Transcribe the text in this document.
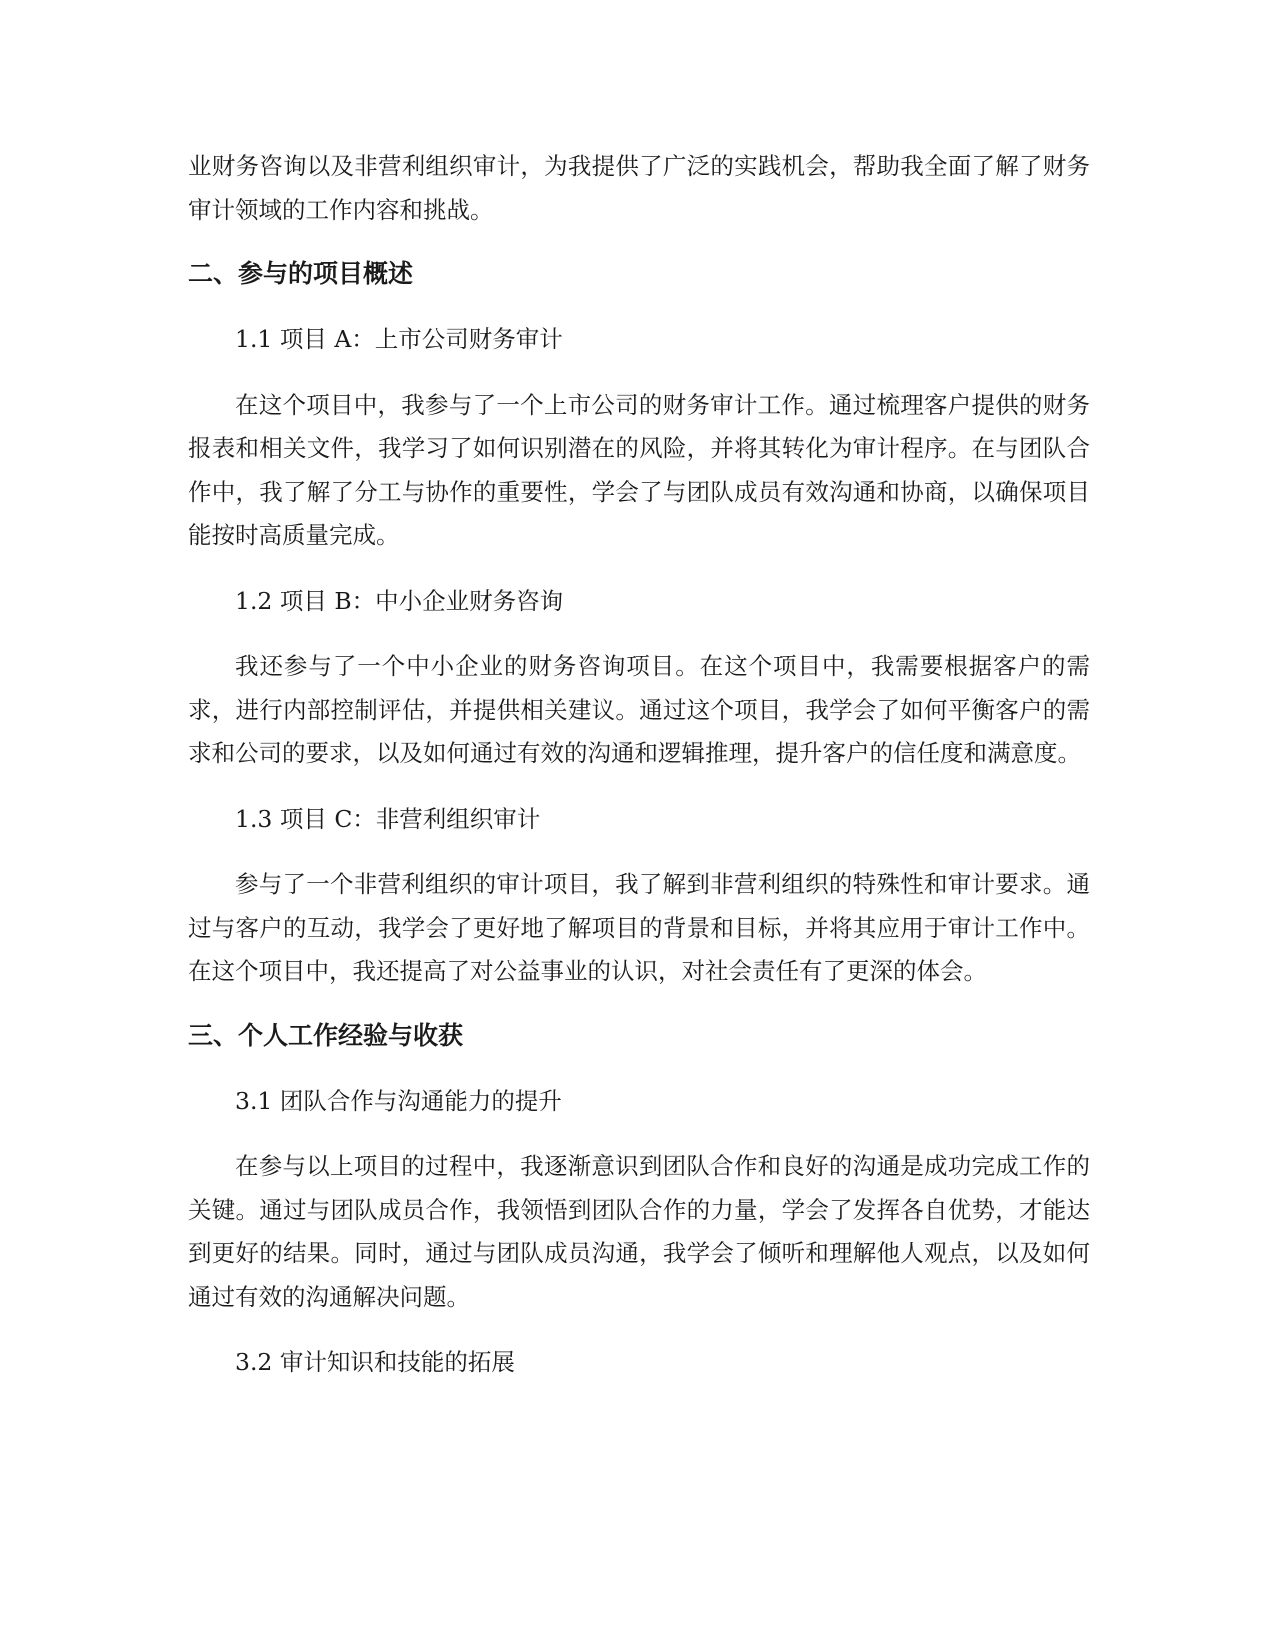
业财务咨询以及非营利组织审计，为我提供了广泛的实践机会，帮助我全面了解了财务审计领域的工作内容和挑战。

二、参与的项目概述

1.1 项目 A：上市公司财务审计

在这个项目中，我参与了一个上市公司的财务审计工作。通过梳理客户提供的财务报表和相关文件，我学习了如何识别潜在的风险，并将其转化为审计程序。在与团队合作中，我了解了分工与协作的重要性，学会了与团队成员有效沟通和协商，以确保项目能按时高质量完成。

1.2 项目 B：中小企业财务咨询

我还参与了一个中小企业的财务咨询项目。在这个项目中，我需要根据客户的需求，进行内部控制评估，并提供相关建议。通过这个项目，我学会了如何平衡客户的需求和公司的要求，以及如何通过有效的沟通和逻辑推理，提升客户的信任度和满意度。

1.3 项目 C：非营利组织审计

参与了一个非营利组织的审计项目，我了解到非营利组织的特殊性和审计要求。通过与客户的互动，我学会了更好地了解项目的背景和目标，并将其应用于审计工作中。在这个项目中，我还提高了对公益事业的认识，对社会责任有了更深的体会。

三、个人工作经验与收获

3.1 团队合作与沟通能力的提升

在参与以上项目的过程中，我逐渐意识到团队合作和良好的沟通是成功完成工作的关键。通过与团队成员合作，我领悟到团队合作的力量，学会了发挥各自优势，才能达到更好的结果。同时，通过与团队成员沟通，我学会了倾听和理解他人观点，以及如何通过有效的沟通解决问题。

3.2 审计知识和技能的拓展
